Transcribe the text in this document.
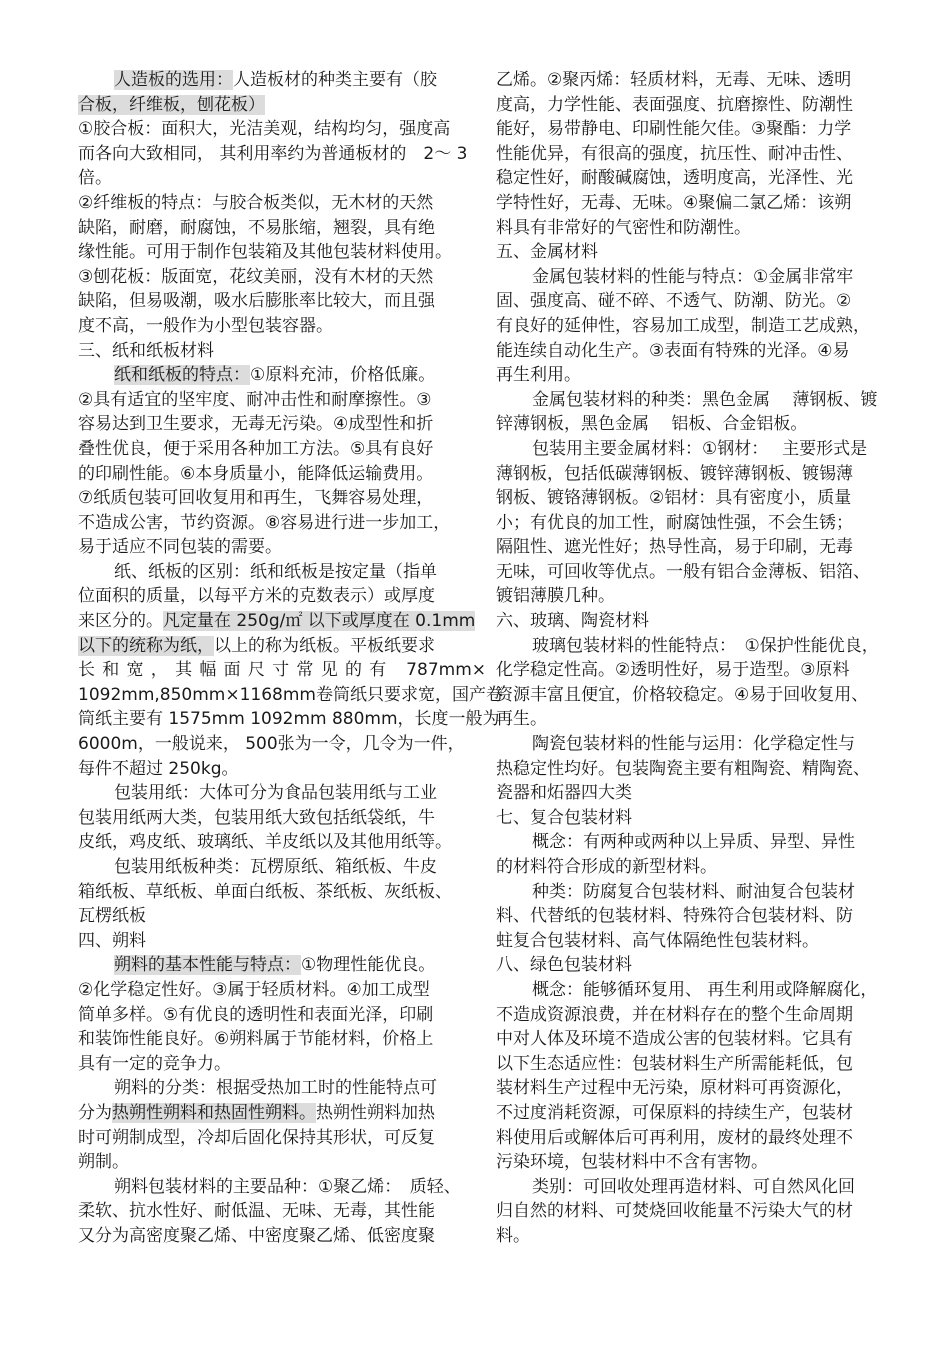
人造板的选用：人造板材的种类主要有（胶
合板，纤维板，刨花板）
①胶合板：面积大，光洁美观，结构均匀，强度高
而各向大致相同， 其利用率约为普通板材的　2～ 3
倍。
②纤维板的特点：与胶合板类似，无木材的天然
缺陷，耐磨，耐腐蚀，不易胀缩，翘裂，具有绝
缘性能。可用于制作包装箱及其他包装材料使用。
③刨花板：版面宽，花纹美丽，没有木材的天然
缺陷，但易吸潮，吸水后膨胀率比较大，而且强
度不高，一般作为小型包装容器。
三、纸和纸板材料
纸和纸板的特点：①原料充沛，价格低廉。
②具有适宜的坚牢度、耐冲击性和耐摩擦性。③
容易达到卫生要求，无毒无污染。④成型性和折
叠性优良，便于采用各种加工方法。⑤具有良好
的印刷性能。⑥本身质量小，能降低运输费用。
⑦纸质包装可回收复用和再生，飞舞容易处理，
不造成公害，节约资源。⑧容易进行进一步加工，
易于适应不同包装的需要。
纸、纸板的区别：纸和纸板是按定量（指单
位面积的质量，以每平方米的克数表示）或厚度
来区分的。凡定量在 250g/㎡ 以下或厚度在 0.1mm
以下的统称为纸，以上的称为纸板。平板纸要求
长和宽，其幅面尺寸常见的有 787mm×
1092mm,850mm×1168mm卷筒纸只要求宽，国产卷
筒纸主要有 1575mm 1092mm 880mm，长度一般为
6000m，一般说来， 500张为一令，几令为一件，
每件不超过 250kg。
包装用纸：大体可分为食品包装用纸与工业
包装用纸两大类，包装用纸大致包括纸袋纸，牛
皮纸，鸡皮纸、玻璃纸、羊皮纸以及其他用纸等。
包装用纸板种类：瓦楞原纸、箱纸板、牛皮
箱纸板、草纸板、单面白纸板、茶纸板、灰纸板、
瓦楞纸板
四、朔料
朔料的基本性能与特点：①物理性能优良。
②化学稳定性好。③属于轻质材料。④加工成型
简单多样。⑤有优良的透明性和表面光泽，印刷
和装饰性能良好。⑥朔料属于节能材料，价格上
具有一定的竞争力。
朔料的分类：根据受热加工时的性能特点可
分为热朔性朔料和热固性朔料。热朔性朔料加热
时可朔制成型，冷却后固化保持其形状，可反复
朔制。
朔料包装材料的主要品种：①聚乙烯：　质轻、
柔软、抗水性好、耐低温、无味、无毒，其性能
又分为高密度聚乙烯、中密度聚乙烯、低密度聚
乙烯。②聚丙烯：轻质材料，无毒、无味、透明
度高，力学性能、表面强度、抗磨擦性、防潮性
能好，易带静电、印刷性能欠佳。③聚酯：力学
性能优异，有很高的强度，抗压性、耐冲击性、
稳定性好，耐酸碱腐蚀，透明度高，光泽性、光
学特性好，无毒、无味。④聚偏二氯乙烯：该朔
料具有非常好的气密性和防潮性。
五、金属材料
金属包装材料的性能与特点：①金属非常牢
固、强度高、碰不碎、不透气、防潮、防光。②
有良好的延伸性，容易加工成型，制造工艺成熟，
能连续自动化生产。③表面有特殊的光泽。④易
再生利用。
金属包装材料的种类：黑色金属　 薄钢板、镀
锌薄钢板，黑色金属　 铝板、合金铝板。
包装用主要金属材料：①钢材：　 主要形式是
薄钢板，包括低碳薄钢板、镀锌薄钢板、镀锡薄
钢板、镀铬薄钢板。②铝材：具有密度小，质量
小；有优良的加工性，耐腐蚀性强，不会生锈；
隔阻性、遮光性好；热导性高，易于印刷，无毒
无味，可回收等优点。一般有铝合金薄板、铝箔、
镀铝薄膜几种。
六、玻璃、陶瓷材料
玻璃包装材料的性能特点：　①保护性能优良，
化学稳定性高。②透明性好，易于造型。③原料
资源丰富且便宜，价格较稳定。④易于回收复用、
再生。
陶瓷包装材料的性能与运用：化学稳定性与
热稳定性均好。包装陶瓷主要有粗陶瓷、精陶瓷、
瓷器和炻器四大类
七、复合包装材料
概念：有两种或两种以上异质、异型、异性
的材料符合形成的新型材料。
种类：防腐复合包装材料、耐油复合包装材
料、代替纸的包装材料、特殊符合包装材料、防
蛀复合包装材料、高气体隔绝性包装材料。
八、绿色包装材料
概念：能够循环复用、 再生利用或降解腐化，
不造成资源浪费，并在材料存在的整个生命周期
中对人体及环境不造成公害的包装材料。它具有
以下生态适应性：包装材料生产所需能耗低，包
装材料生产过程中无污染，原材料可再资源化，
不过度消耗资源，可保原料的持续生产，包装材
料使用后或解体后可再利用，废材的最终处理不
污染环境，包装材料中不含有害物。
类别：可回收处理再造材料、可自然风化回
归自然的材料、可焚烧回收能量不污染大气的材
料。
